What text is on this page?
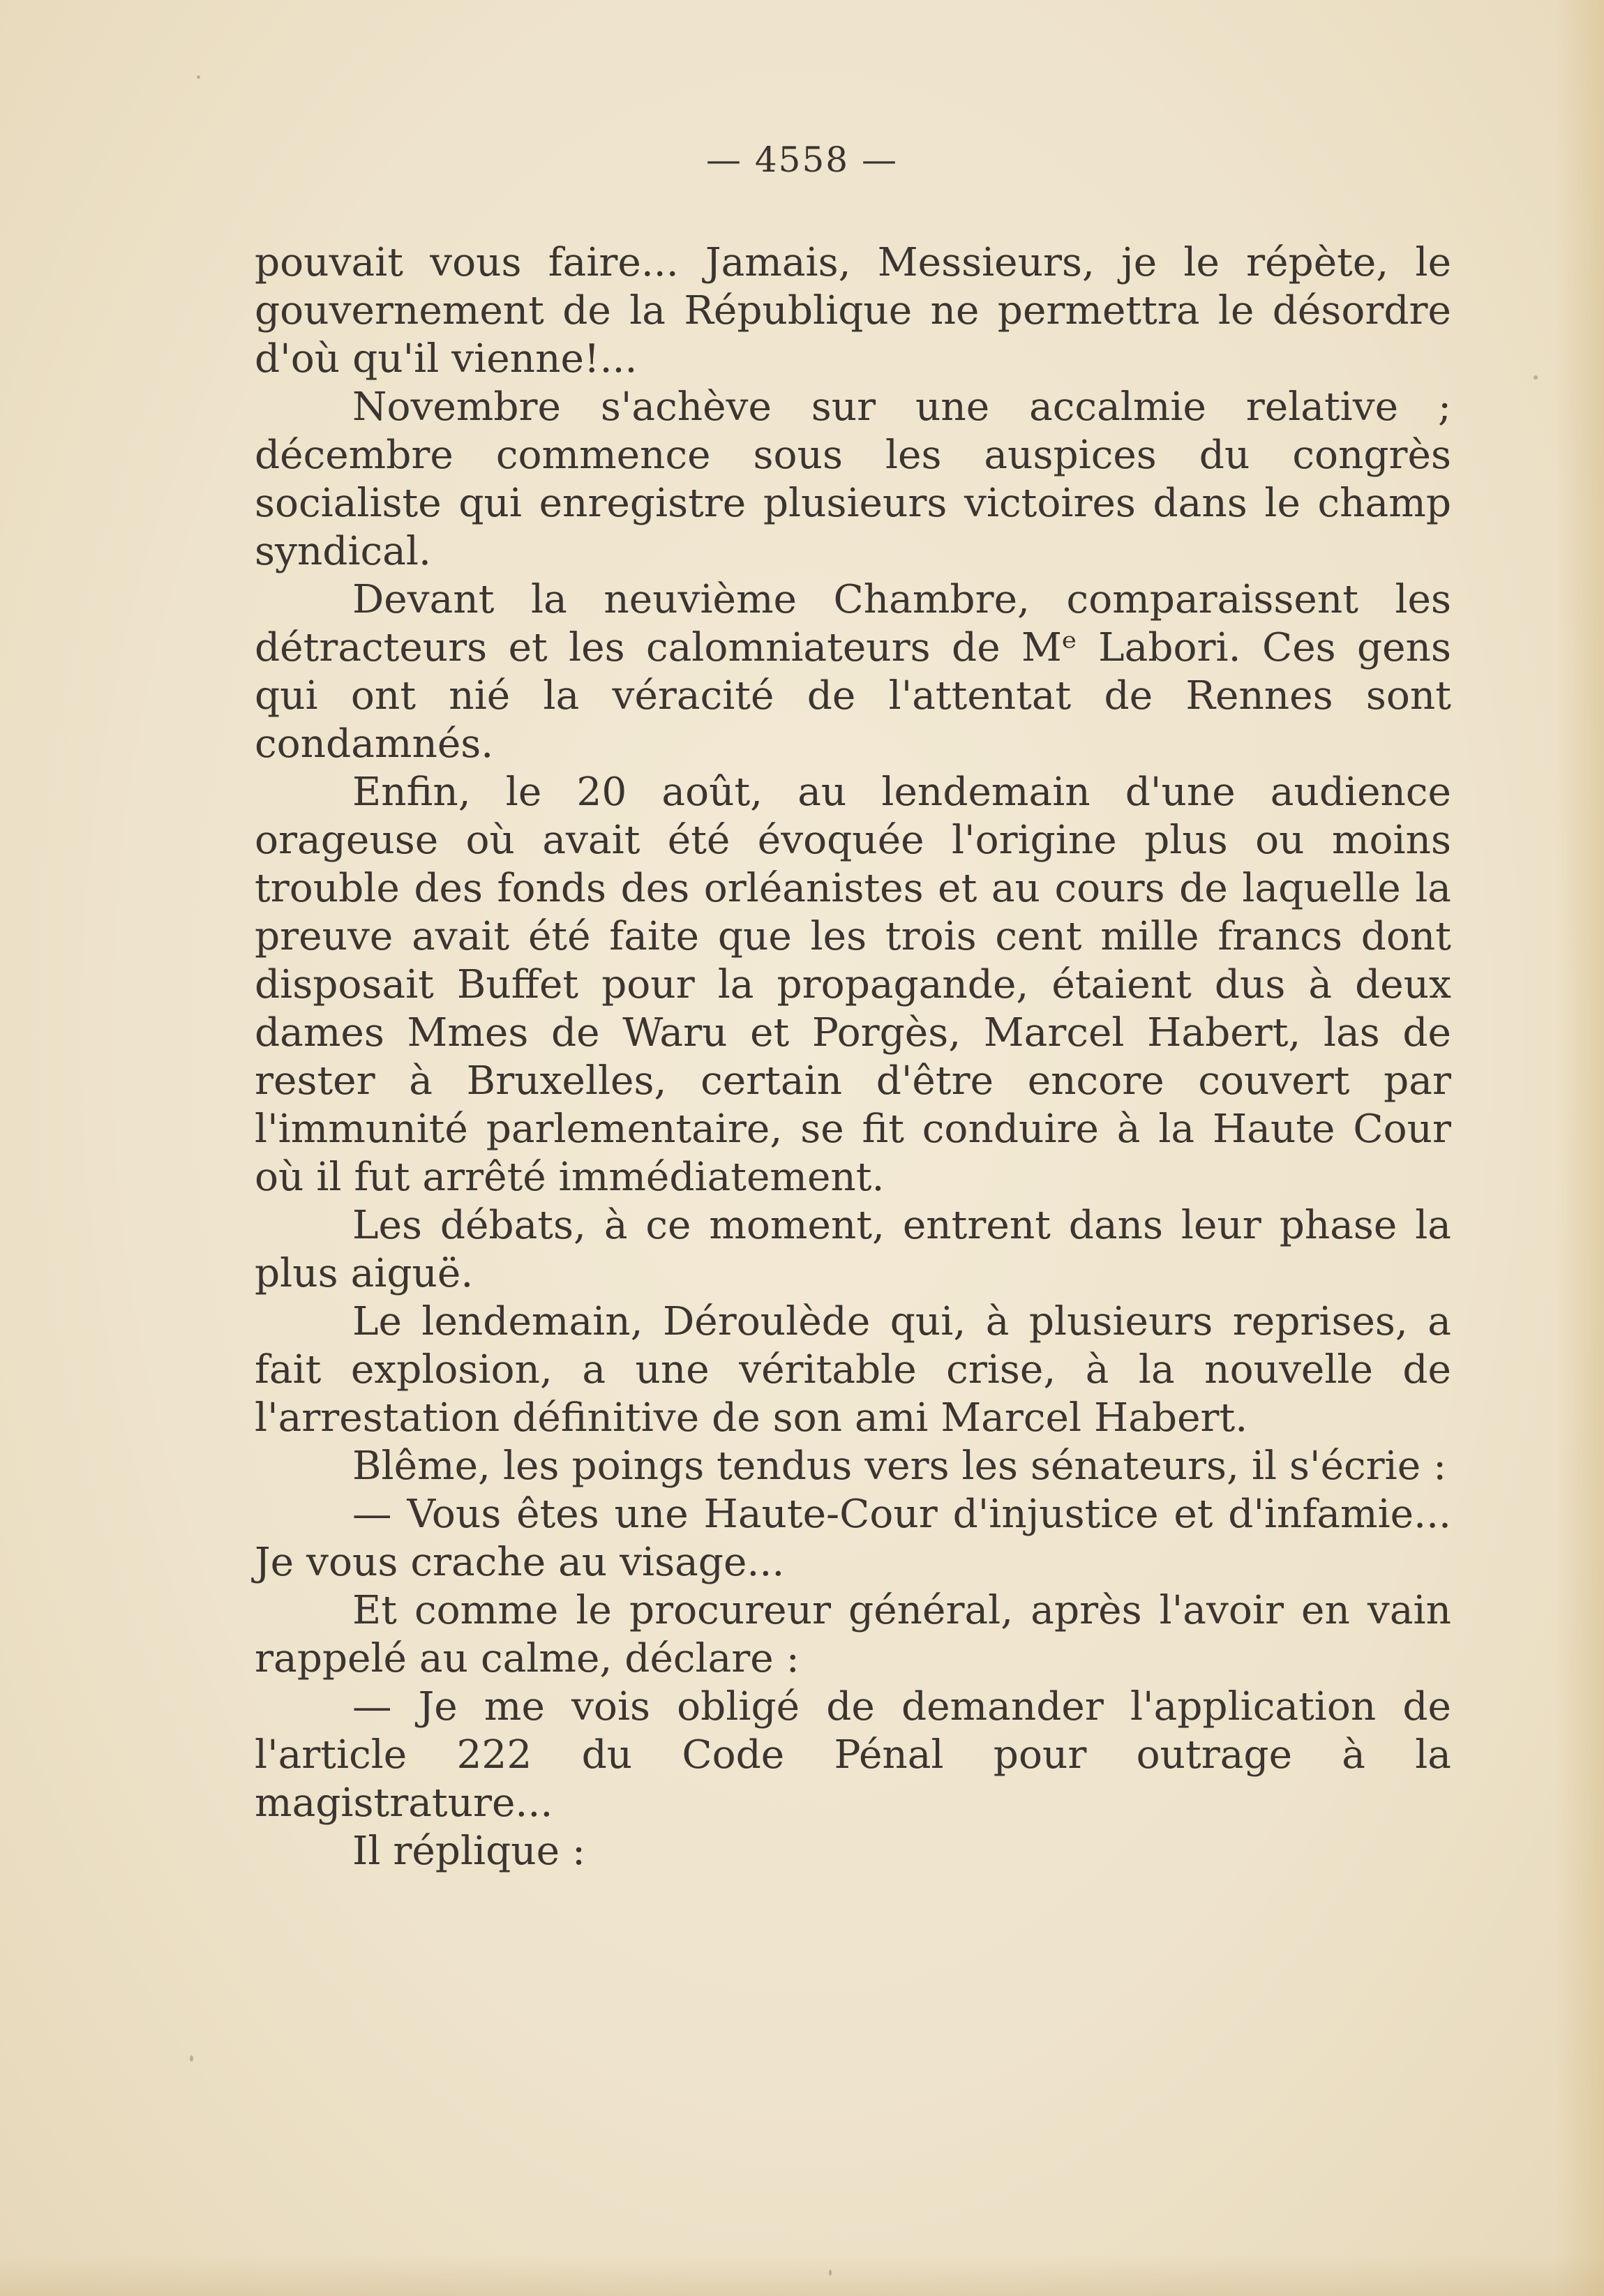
— 4558 —

pouvait vous faire... Jamais, Messieurs, je le répète, le gouvernement de la République ne permettra le désordre d'où qu'il vienne!...

Novembre s'achève sur une accalmie relative ; décembre commence sous les auspices du congrès socialiste qui enregistre plusieurs victoires dans le champ syndical.

Devant la neuvième Chambre, comparaissent les détracteurs et les calomniateurs de Mᵉ Labori. Ces gens qui ont nié la véracité de l'attentat de Rennes sont condamnés.

Enfin, le 20 août, au lendemain d'une audience orageuse où avait été évoquée l'origine plus ou moins trouble des fonds des orléanistes et au cours de laquelle la preuve avait été faite que les trois cent mille francs dont disposait Buffet pour la propagande, étaient dus à deux dames Mmes de Waru et Porgès, Marcel Habert, las de rester à Bruxelles, certain d'être encore couvert par l'immunité parlementaire, se fit conduire à la Haute Cour où il fut arrêté immédiatement.

Les débats, à ce moment, entrent dans leur phase la plus aiguë.

Le lendemain, Déroulède qui, à plusieurs reprises, a fait explosion, a une véritable crise, à la nouvelle de l'arrestation définitive de son ami Marcel Habert.

Blême, les poings tendus vers les sénateurs, il s'écrie :

— Vous êtes une Haute-Cour d'injustice et d'infamie... Je vous crache au visage...

Et comme le procureur général, après l'avoir en vain rappelé au calme, déclare :

— Je me vois obligé de demander l'application de l'article 222 du Code Pénal pour outrage à la magistrature...

Il réplique :
